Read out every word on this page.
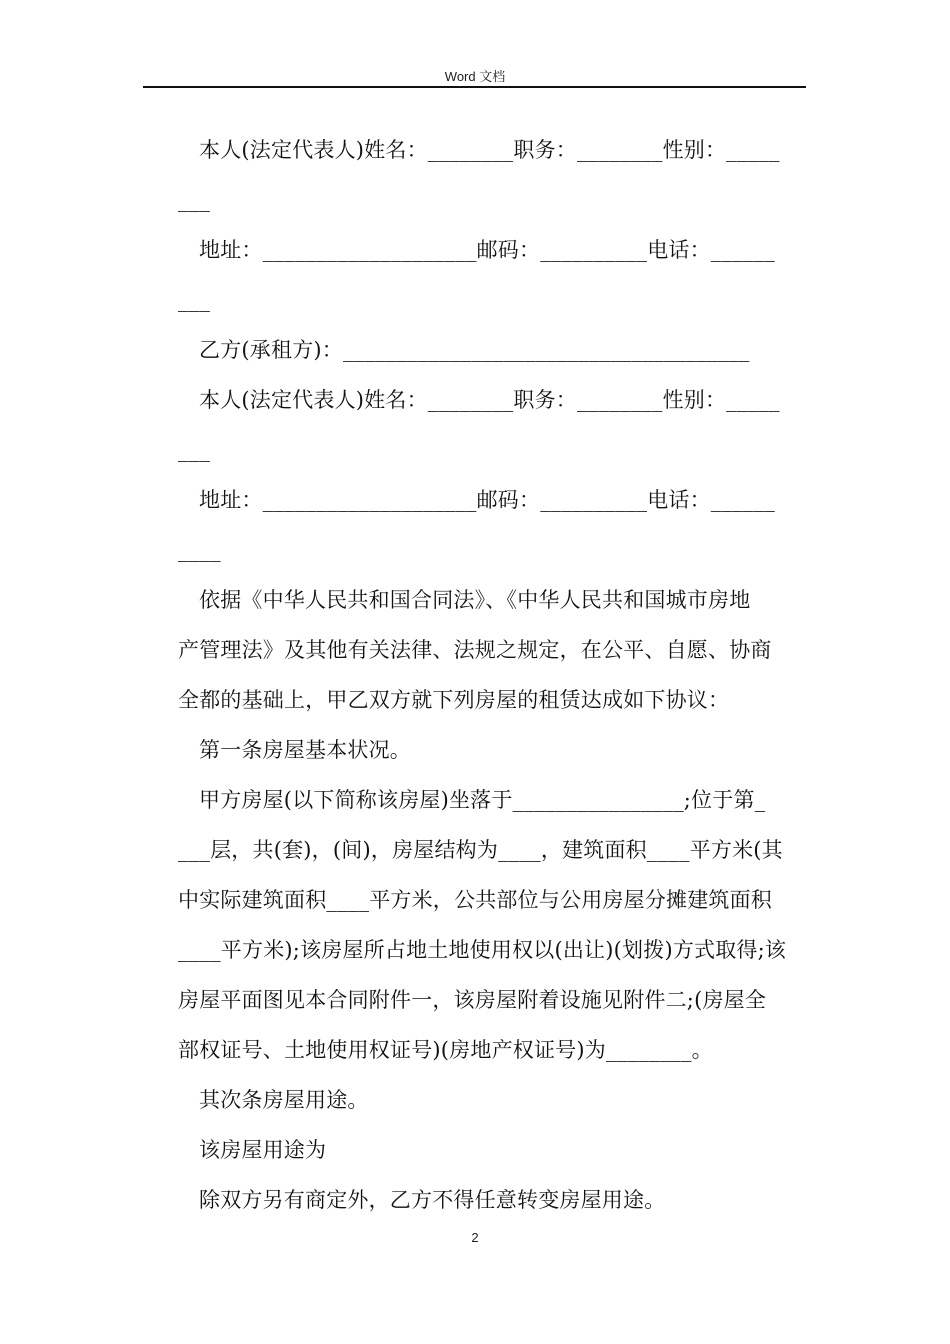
Word 文档
本人(法定代表人)姓名：________职务：________性别：_____
___
地址：____________________邮码：__________电话：______
___
乙方(承租方)：______________________________________
本人(法定代表人)姓名：________职务：________性别：_____
___
地址：____________________邮码：__________电话：______
____
依据《中华人民共和国合同法》、《中华人民共和国城市房地
产管理法》及其他有关法律、法规之规定，在公平、自愿、协商
全都的基础上，甲乙双方就下列房屋的租赁达成如下协议：
第一条房屋基本状况。
甲方房屋(以下简称该房屋)坐落于________________;位于第_
___层，共(套)，(间)，房屋结构为____，建筑面积____平方米(其
中实际建筑面积____平方米，公共部位与公用房屋分摊建筑面积
____平方米);该房屋所占地土地使用权以(出让)(划拨)方式取得;该
房屋平面图见本合同附件一，该房屋附着设施见附件二;(房屋全
部权证号、土地使用权证号)(房地产权证号)为________。
其次条房屋用途。
该房屋用途为
除双方另有商定外，乙方不得任意转变房屋用途。
2
